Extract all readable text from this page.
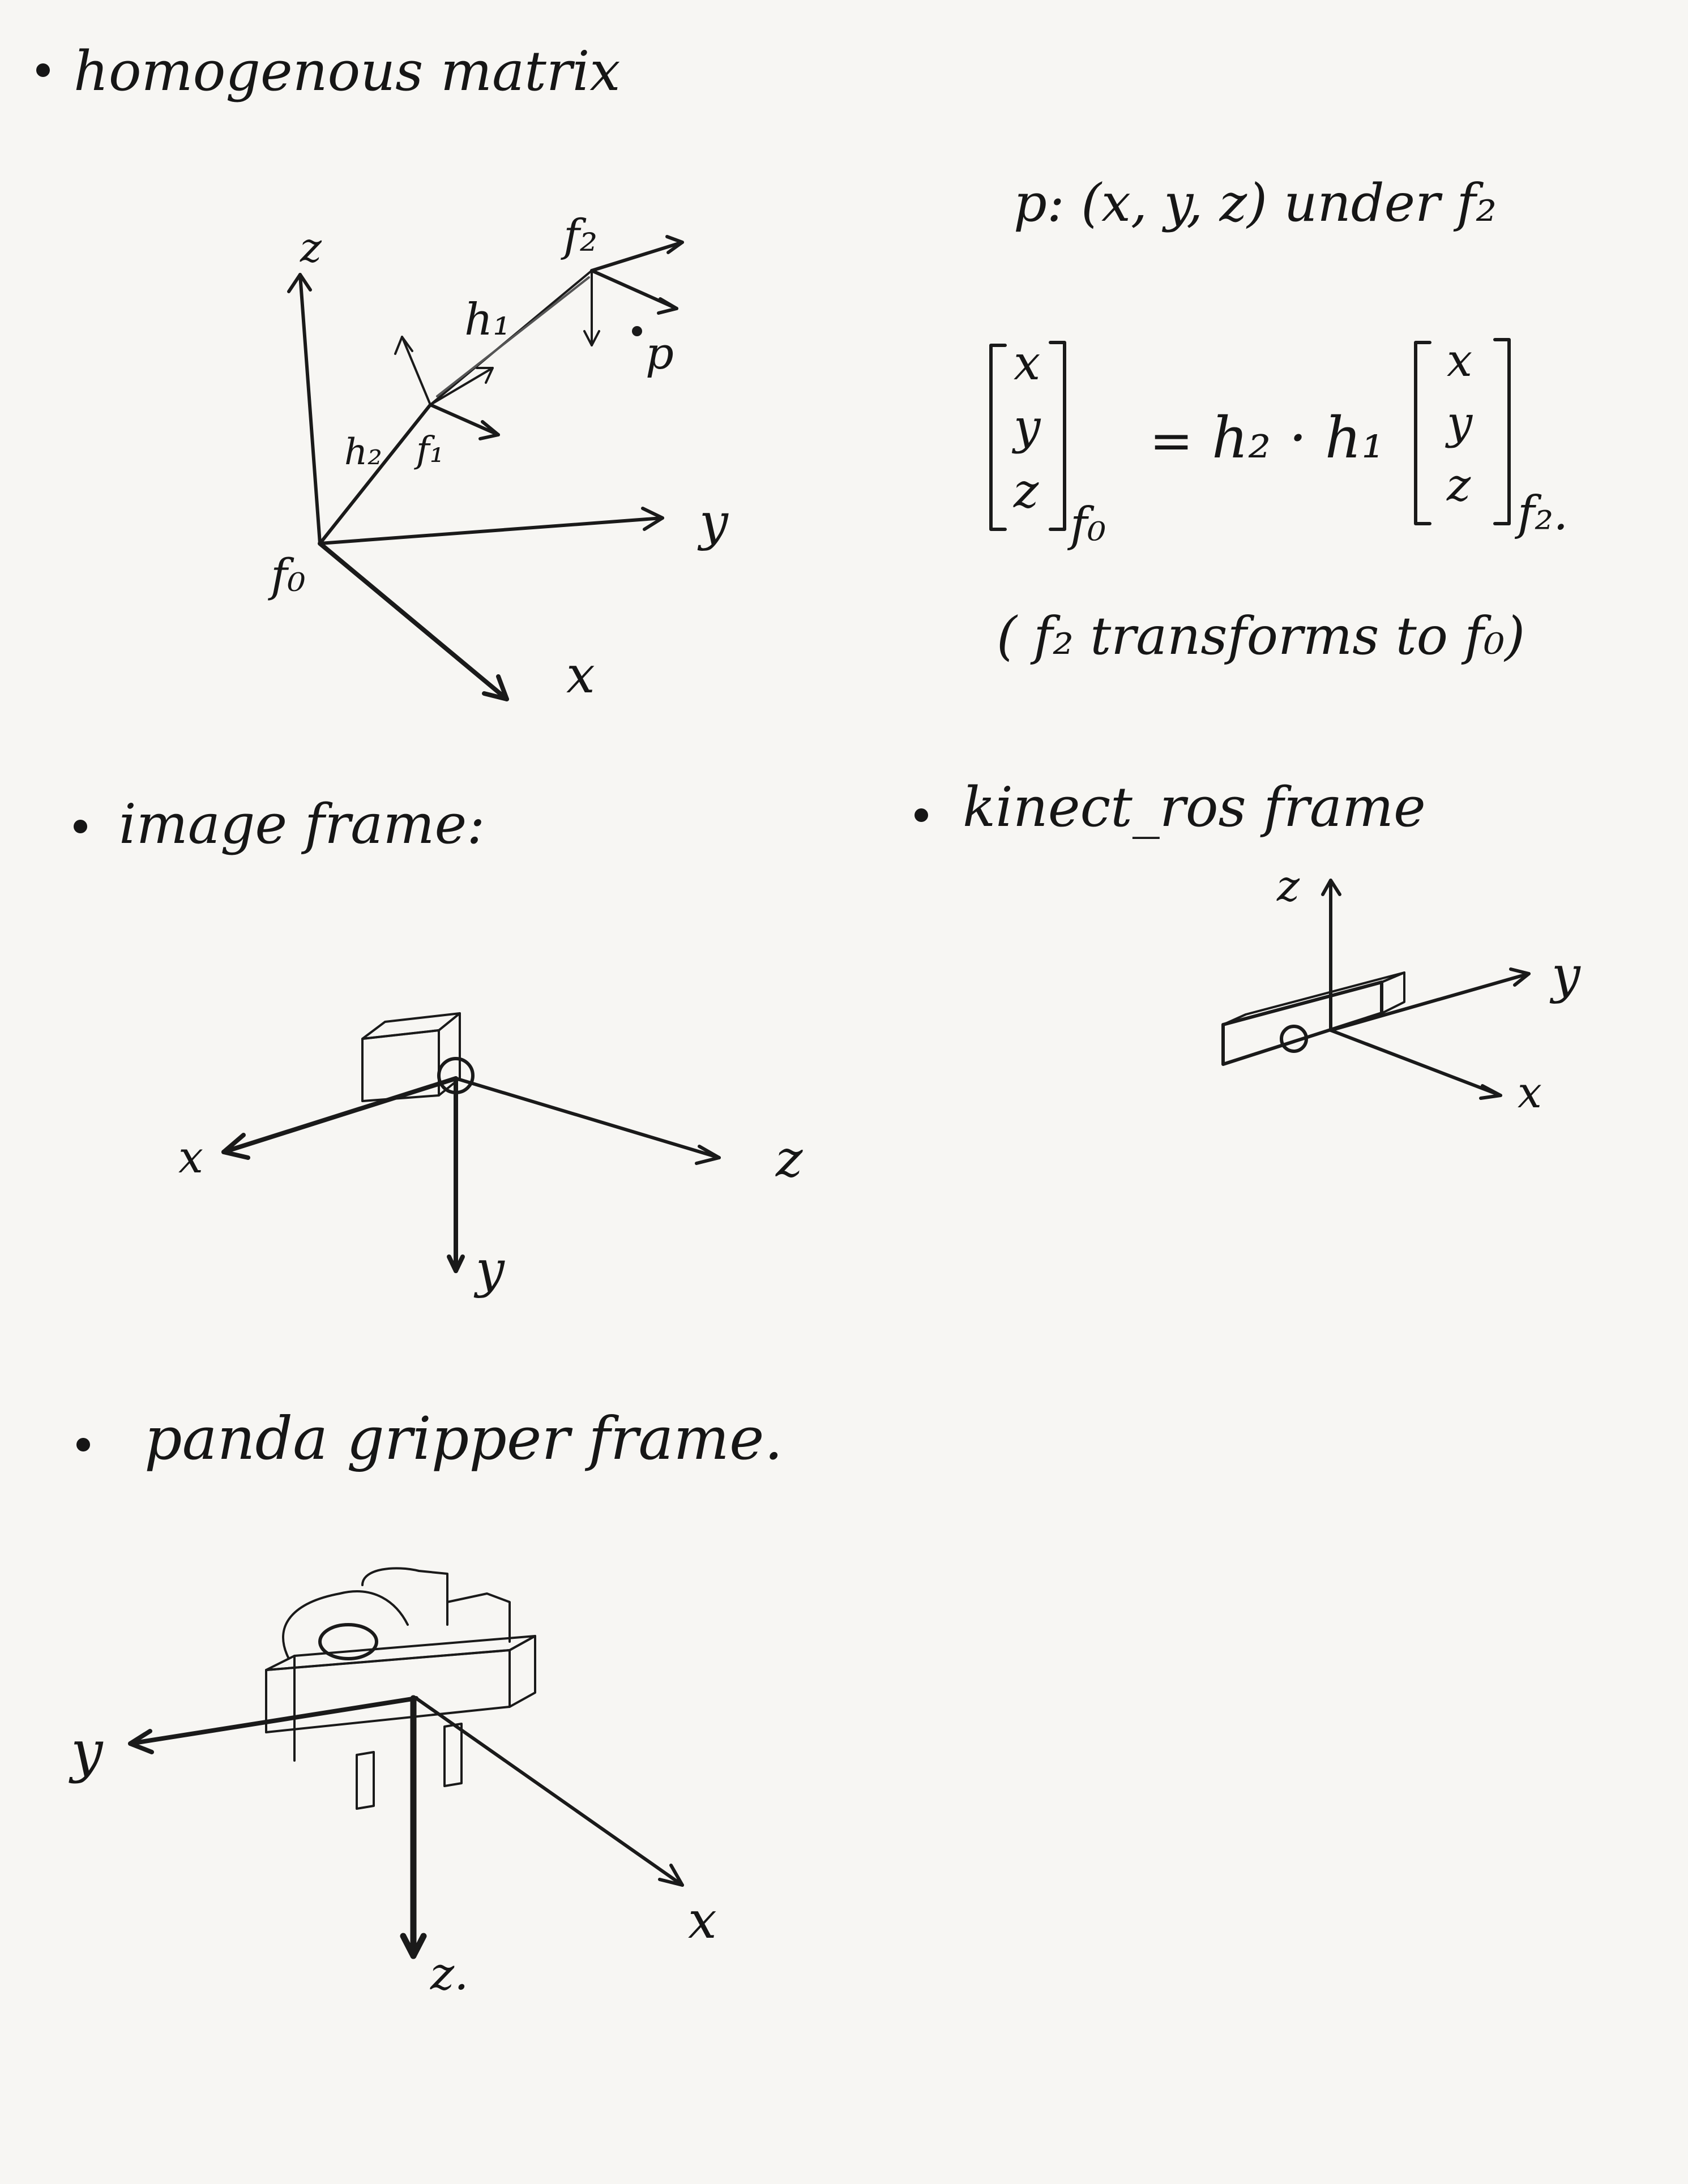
homogenous matrix
z	f₂
h₁
p
h₂ f₁
f₀
y
x
p: (x, y, z) under f₂
x
y
z
f₀
= h₂ · h₁
x
y
z
f₂.
( f₂ transforms to f₀)
image frame:
x	z
y
kinect_ros frame
z
y
x
panda gripper frame.
y
x
z.
